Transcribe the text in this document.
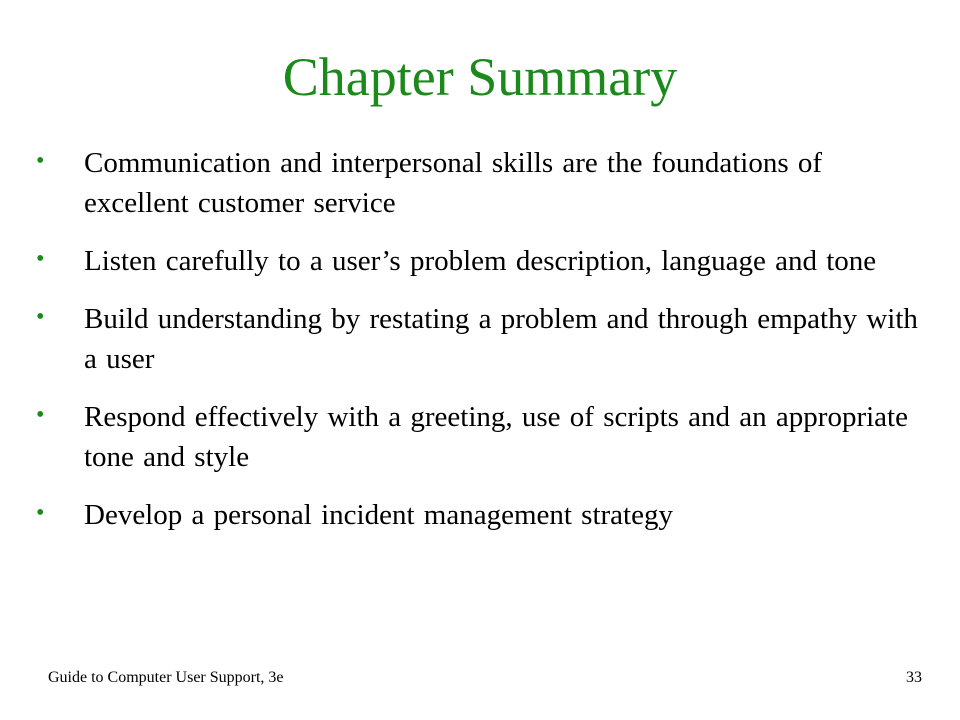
Chapter Summary
• Communication and interpersonal skills are the foundations of excellent customer service
• Listen carefully to a user’s problem description, language and tone
• Build understanding by restating a problem and through empathy with a user
• Respond effectively with a greeting, use of scripts and an appropriate tone and style
• Develop a personal incident management strategy
Guide to Computer User Support, 3e	33
